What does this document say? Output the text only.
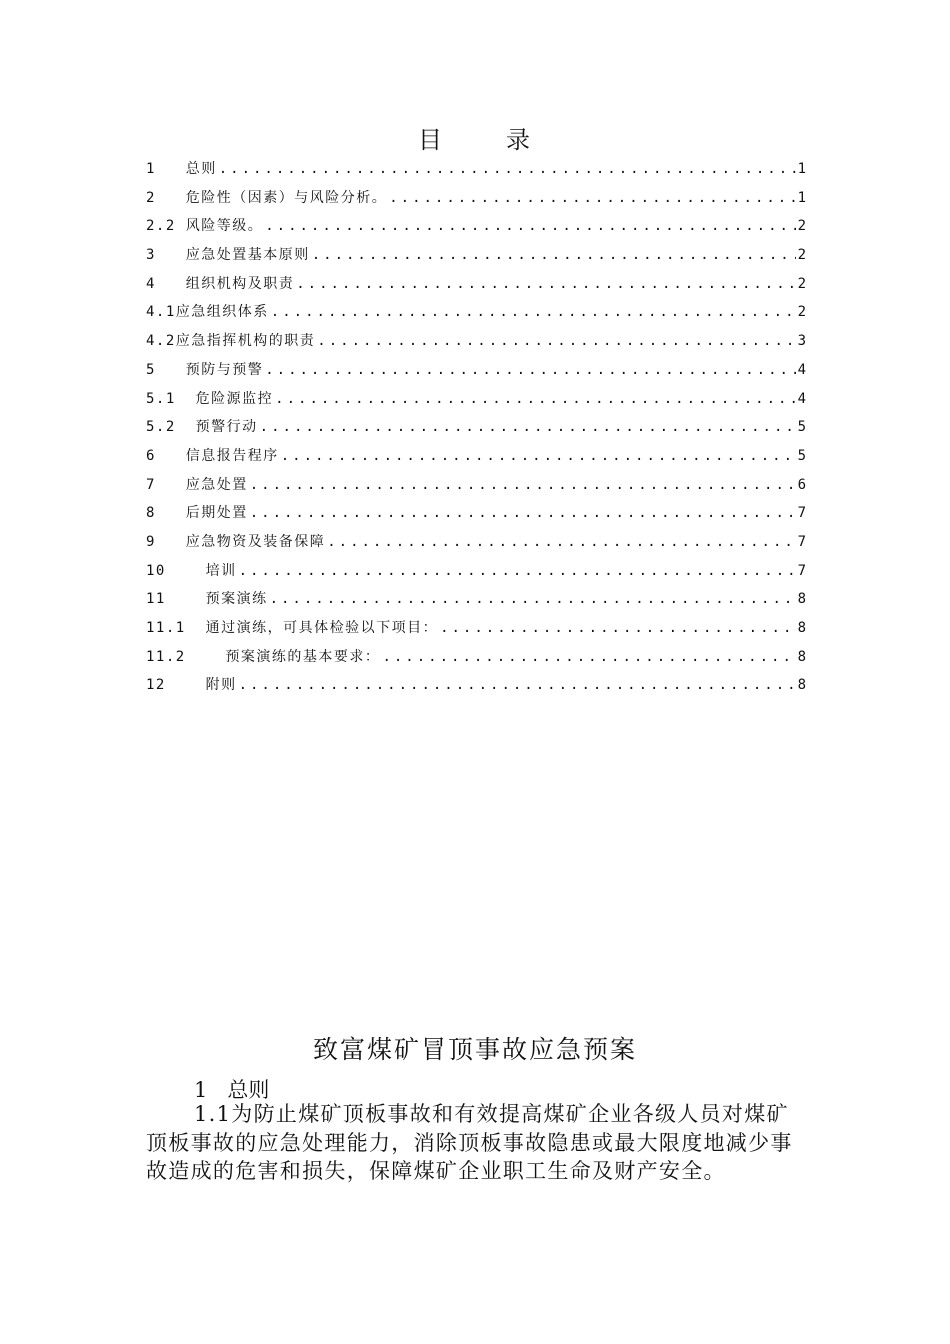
目	录
1 总则 .....	1
2 危险性（因素）与风险分析。 .....	1
2.2 风险等级。 .....	2
3 应急处置基本原则 .....	2
4 组织机构及职责 .....	2
4.1 应急组织体系 .....	2
4.2 应急指挥机构的职责 .....	3
5 预防与预警 .....	4
5.1 危险源监控 .....	4
5.2 预警行动 .....	5
6 信息报告程序 .....	5
7 应急处置 .....	6
8 后期处置 .....	7
9 应急物资及装备保障 .....	7
10 培训 .....	7
11 预案演练 .....	8
11.1 通过演练，可具体检验以下项目： .....	8
11.2 预案演练的基本要求： .....	8
12 附则 .....	8
致富煤矿冒顶事故应急预案
1   总则

1.1为防止煤矿顶板事故和有效提高煤矿企业各级人员对煤矿顶板事故的应急处理能力，消除顶板事故隐患或最大限度地减少事故造成的危害和损失，保障煤矿企业职工生命及财产安全。
